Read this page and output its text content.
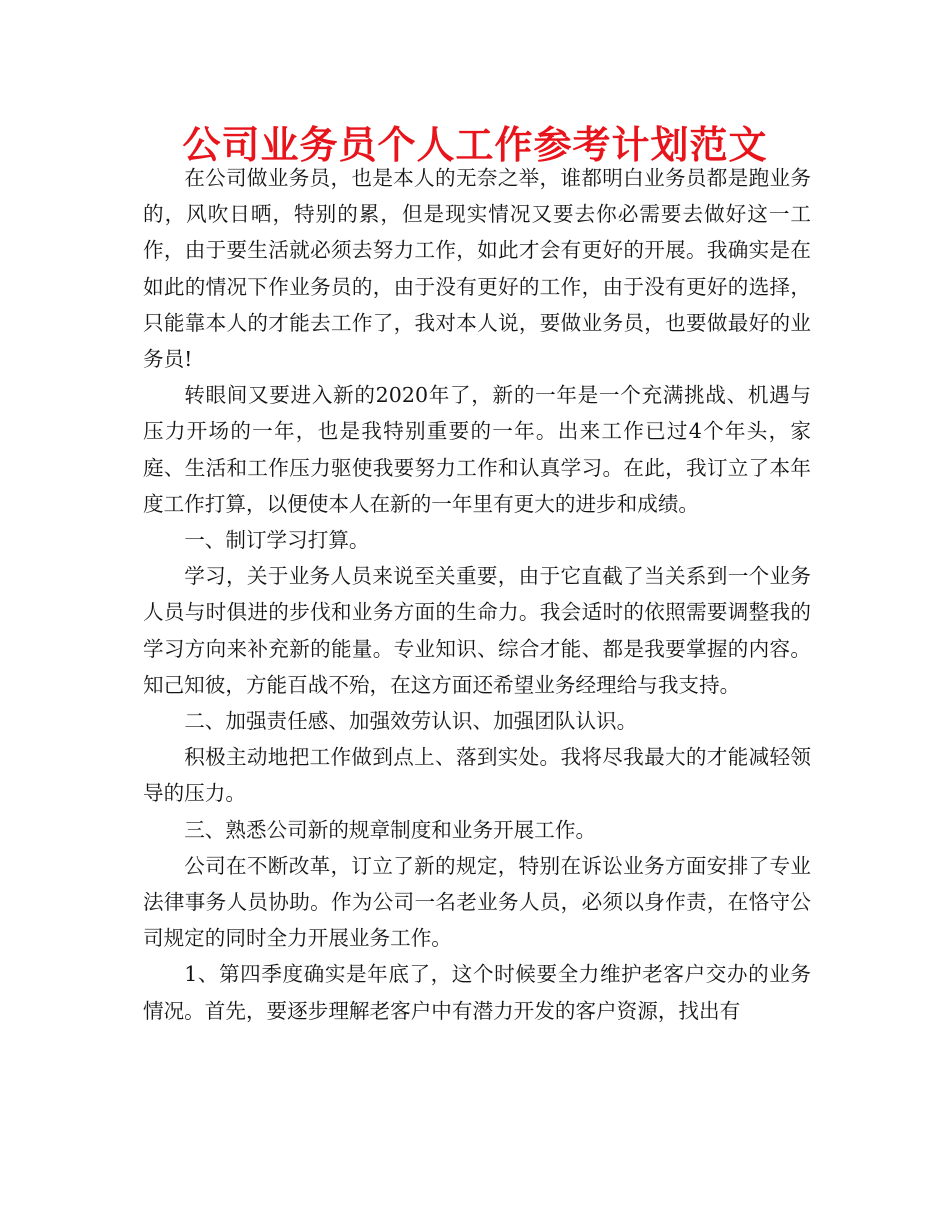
公司业务员个人工作参考计划范文

在公司做业务员，也是本人的无奈之举，谁都明白业务员都是跑业务的，风吹日晒，特别的累，但是现实情况又要去你必需要去做好这一工作，由于要生活就必须去努力工作，如此才会有更好的开展。我确实是在如此的情况下作业务员的，由于没有更好的工作，由于没有更好的选择，只能靠本人的才能去工作了，我对本人说，要做业务员，也要做最好的业务员!

转眼间又要进入新的2020年了，新的一年是一个充满挑战、机遇与压力开场的一年，也是我特别重要的一年。出来工作已过4个年头，家庭、生活和工作压力驱使我要努力工作和认真学习。在此，我订立了本年度工作打算，以便使本人在新的一年里有更大的进步和成绩。

一、制订学习打算。

学习，关于业务人员来说至关重要，由于它直截了当关系到一个业务人员与时俱进的步伐和业务方面的生命力。我会适时的依照需要调整我的学习方向来补充新的能量。专业知识、综合才能、都是我要掌握的内容。知己知彼，方能百战不殆，在这方面还希望业务经理给与我支持。

二、加强责任感、加强效劳认识、加强团队认识。

积极主动地把工作做到点上、落到实处。我将尽我最大的才能减轻领导的压力。

三、熟悉公司新的规章制度和业务开展工作。

公司在不断改革，订立了新的规定，特别在诉讼业务方面安排了专业法律事务人员协助。作为公司一名老业务人员，必须以身作责，在恪守公司规定的同时全力开展业务工作。

1、第四季度确实是年底了，这个时候要全力维护老客户交办的业务情况。首先，要逐步理解老客户中有潜力开发的客户资源，找出有
